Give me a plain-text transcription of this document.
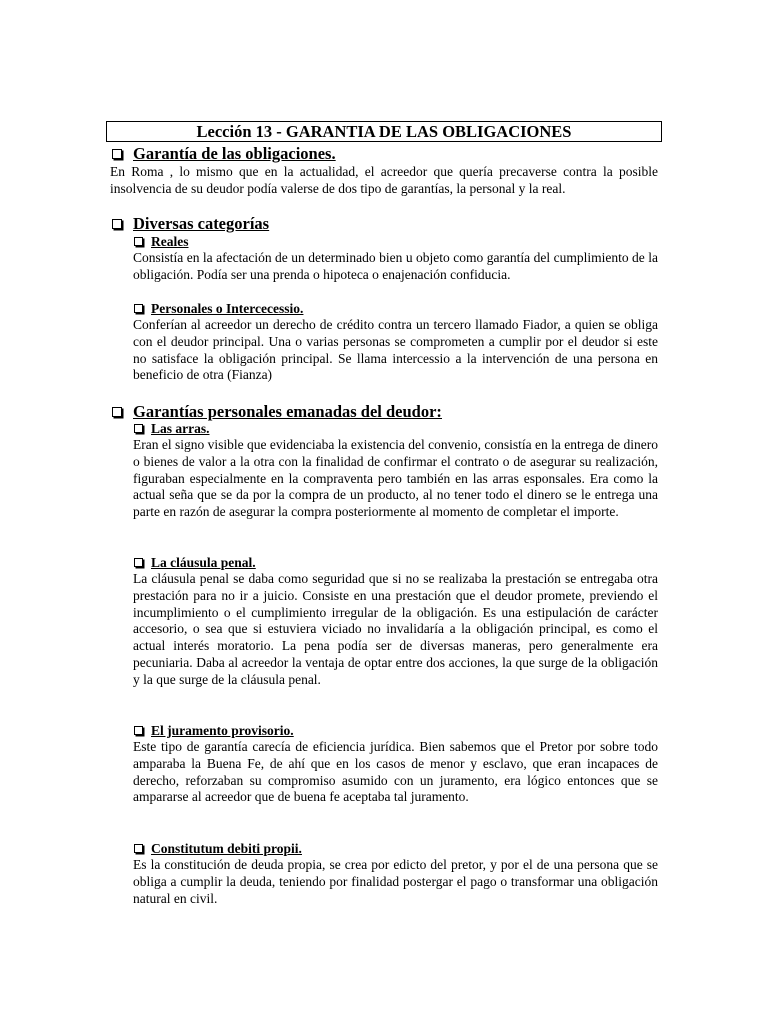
Lección 13 - GARANTIA DE LAS OBLIGACIONES
Garantía de las obligaciones.
En Roma , lo mismo que en la actualidad, el acreedor que quería precaverse contra la posible insolvencia de su deudor podía valerse de dos tipo de garantías, la personal y la real.
Diversas categorías
Reales
Consistía en la afectación de un determinado bien u objeto como garantía del cumplimiento de la obligación. Podía ser una prenda o hipoteca o enajenación confiducia.
Personales o Intercecessio.
Conferían al acreedor un derecho de crédito contra un tercero llamado Fiador, a quien se obliga con el deudor principal. Una o varias personas se comprometen a cumplir por el deudor si este no satisface la obligación principal. Se llama intercessio a la intervención de una persona en beneficio de otra (Fianza)
Garantías personales emanadas del deudor:
Las arras.
Eran el signo visible que evidenciaba la existencia del convenio, consistía en la entrega de dinero o bienes de valor a la otra con la finalidad de confirmar el contrato o de asegurar su realización, figuraban especialmente en la compraventa pero también en las arras esponsales. Era como la actual seña que se da por la compra de un producto, al no tener todo el dinero se le entrega una parte en razón de asegurar la compra posteriormente al momento de completar el importe.
La cláusula penal.
La cláusula penal se daba como seguridad que si no se realizaba la prestación se entregaba otra prestación para no ir a juicio. Consiste en una prestación que el deudor promete, previendo el incumplimiento o el cumplimiento irregular de la obligación. Es una estipulación de carácter accesorio, o sea que si estuviera viciado no invalidaría a la obligación principal, es como el actual interés moratorio. La pena podía ser de diversas maneras, pero generalmente era pecuniaria. Daba al acreedor la ventaja de optar entre dos acciones, la que surge de la obligación y la que surge de la cláusula penal.
El juramento provisorio.
Este tipo de garantía carecía de eficiencia jurídica. Bien sabemos que el Pretor por sobre todo amparaba la Buena Fe, de ahí que en los casos de menor y esclavo, que eran incapaces de derecho, reforzaban su compromiso asumido con un juramento, era lógico entonces que se ampararse al acreedor que de buena fe aceptaba tal juramento.
Constitutum debiti propii.
Es la constitución de deuda propia, se crea por edicto del pretor, y por el de una persona que se obliga a cumplir la deuda, teniendo por finalidad postergar el pago o transformar una obligación natural en civil.
